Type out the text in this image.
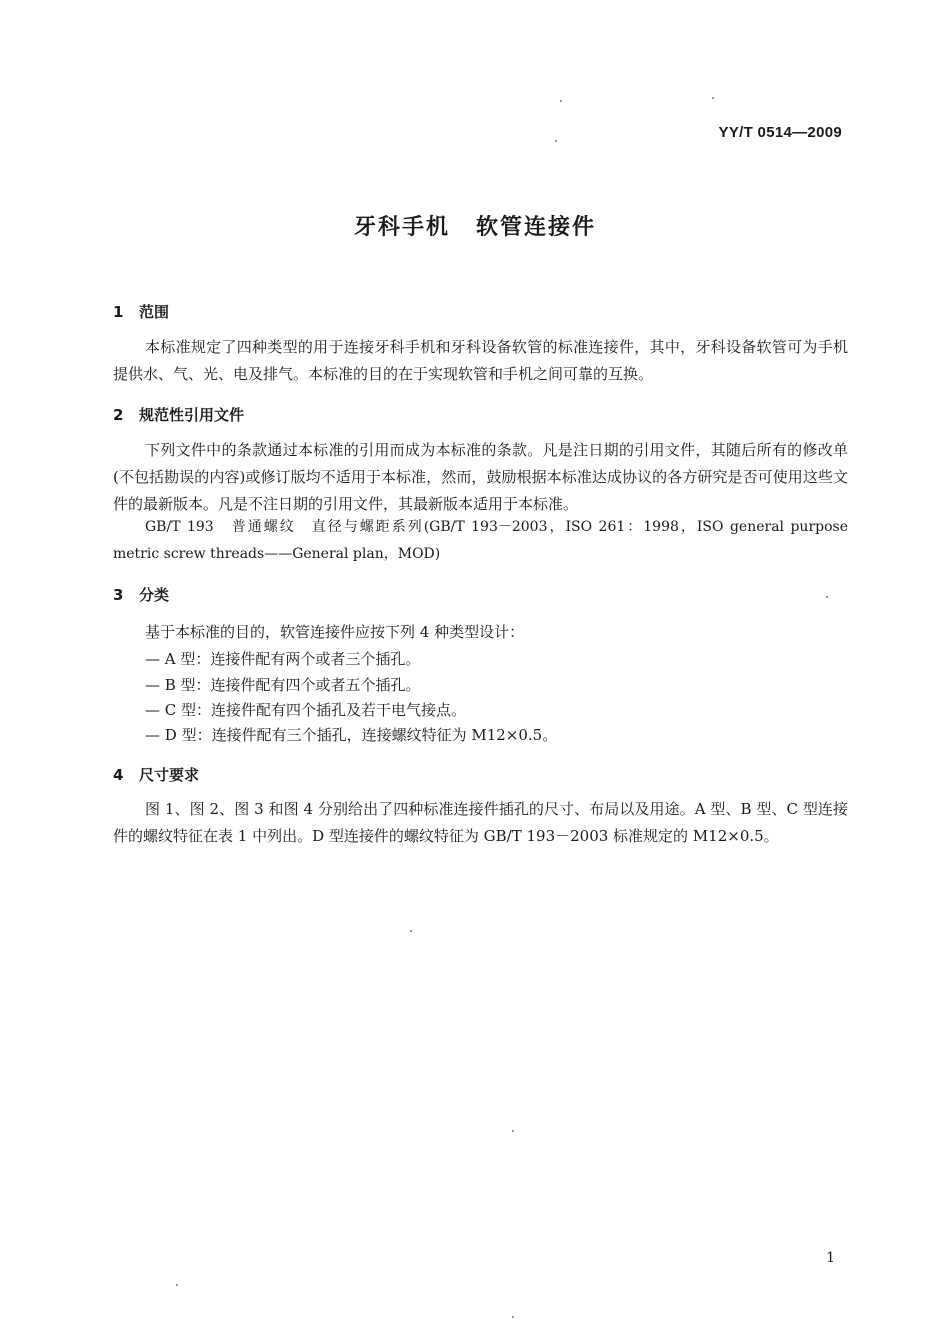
YY/T 0514—2009
牙科手机 软管连接件
1 范围
本标准规定了四种类型的用于连接牙科手机和牙科设备软管的标准连接件，其中，牙科设备软管可为手机提供水、气、光、电及排气。本标准的目的在于实现软管和手机之间可靠的互换。
2 规范性引用文件
下列文件中的条款通过本标准的引用而成为本标准的条款。凡是注日期的引用文件，其随后所有的修改单(不包括勘误的内容)或修订版均不适用于本标准，然而，鼓励根据本标准达成协议的各方研究是否可使用这些文件的最新版本。凡是不注日期的引用文件，其最新版本适用于本标准。
GB/T 193　普通螺纹　直径与螺距系列(GB/T 193－2003，ISO 261：1998，ISO general purpose metric screw threads——General plan，MOD)
3 分类
基于本标准的目的，软管连接件应按下列 4 种类型设计：
— A 型：连接件配有两个或者三个插孔。
— B 型：连接件配有四个或者五个插孔。
— C 型：连接件配有四个插孔及若干电气接点。
— D 型：连接件配有三个插孔，连接螺纹特征为 M12×0.5。
4 尺寸要求
图 1、图 2、图 3 和图 4 分别给出了四种标准连接件插孔的尺寸、布局以及用途。A 型、B 型、C 型连接件的螺纹特征在表 1 中列出。D 型连接件的螺纹特征为 GB/T 193－2003 标准规定的 M12×0.5。
1
